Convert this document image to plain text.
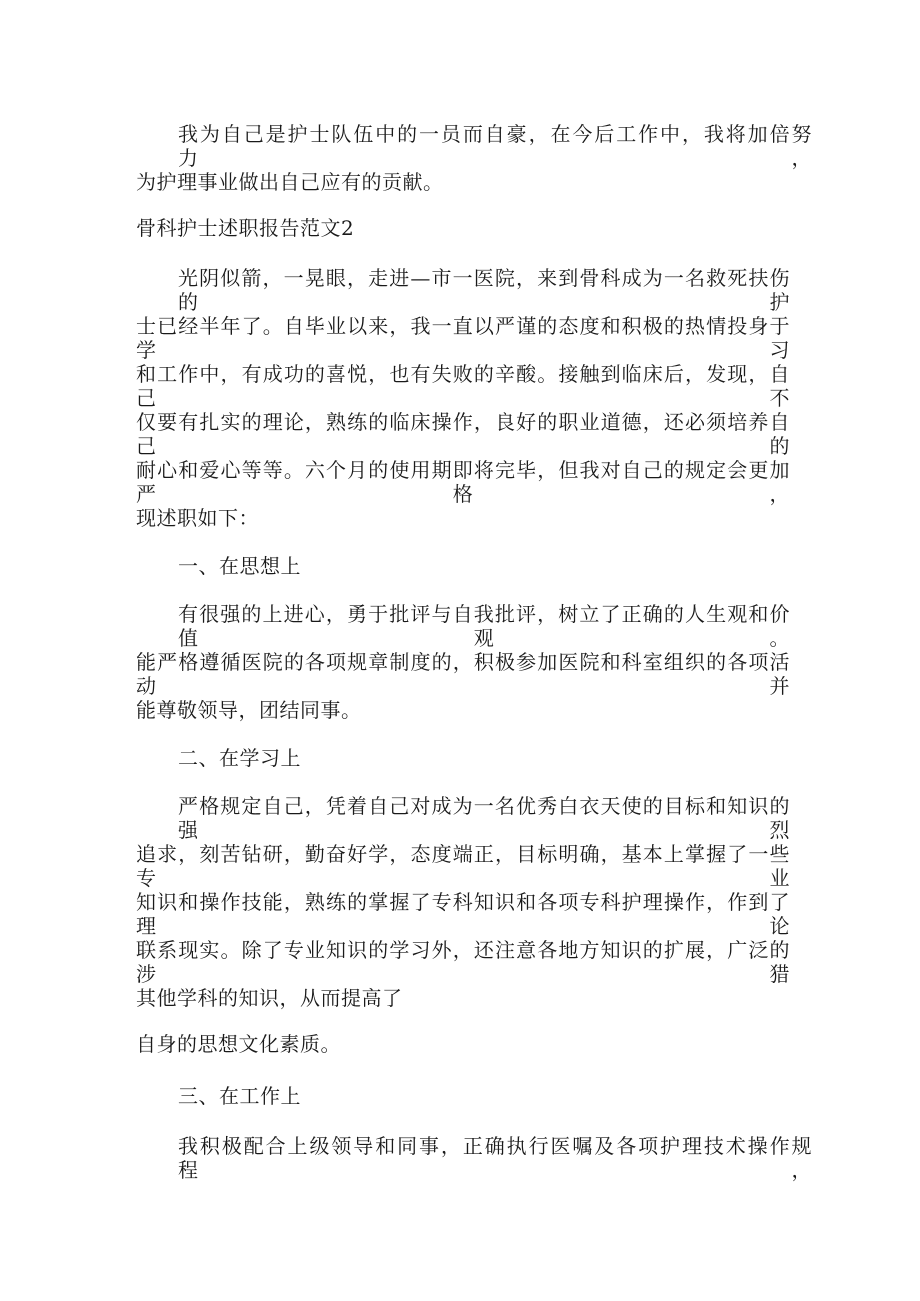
我为自己是护士队伍中的一员而自豪，在今后工作中，我将加倍努力，
为护理事业做出自己应有的贡献。
骨科护士述职报告范文2
光阴似箭，一晃眼，走进—市一医院，来到骨科成为一名救死扶伤的护
士已经半年了。自毕业以来，我一直以严谨的态度和积极的热情投身于学习
和工作中，有成功的喜悦，也有失败的辛酸。接触到临床后，发现，自己不
仅要有扎实的理论，熟练的临床操作，良好的职业道德，还必须培养自己的
耐心和爱心等等。六个月的使用期即将完毕，但我对自己的规定会更加严格，
现述职如下：
一、在思想上
有很强的上进心，勇于批评与自我批评，树立了正确的人生观和价值观。
能严格遵循医院的各项规章制度的，积极参加医院和科室组织的各项活动并
能尊敬领导，团结同事。
二、在学习上
严格规定自己，凭着自己对成为一名优秀白衣天使的目标和知识的强烈
追求，刻苦钻研，勤奋好学，态度端正，目标明确，基本上掌握了一些专业
知识和操作技能，熟练的掌握了专科知识和各项专科护理操作，作到了理论
联系现实。除了专业知识的学习外，还注意各地方知识的扩展，广泛的涉猎
其他学科的知识，从而提高了
自身的思想文化素质。
三、在工作上
我积极配合上级领导和同事，正确执行医嘱及各项护理技术操作规程，
